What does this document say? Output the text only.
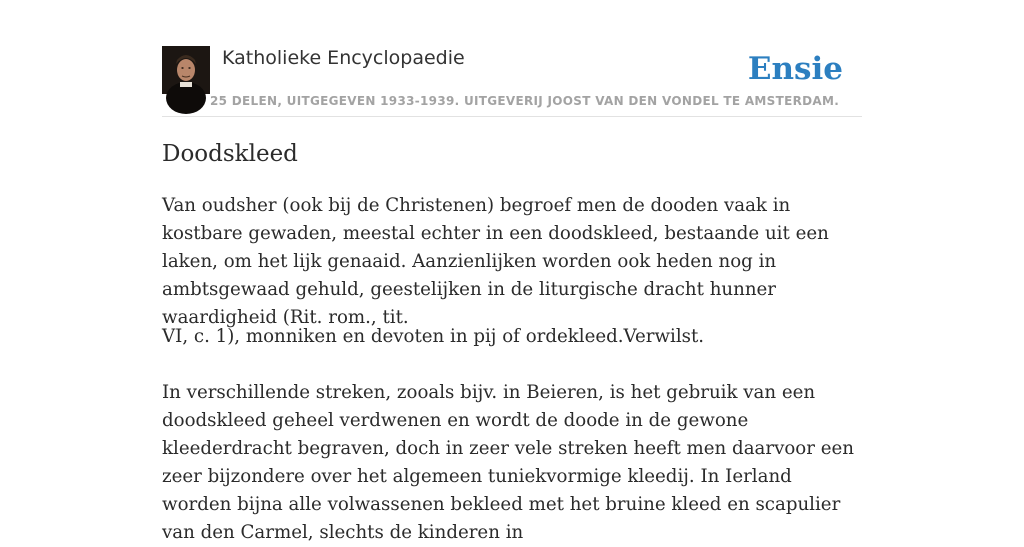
Katholieke Encyclopaedie
25 DELEN, UITGEGEVEN 1933-1939. UITGEVERIJ JOOST VAN DEN VONDEL TE AMSTERDAM.
Ensie
Doodskleed

Van oudsher (ook bij de Christenen) begroef men de dooden vaak in kostbare gewaden, meestal echter in een doodskleed, bestaande uit een laken, om het lijk genaaid. Aanzienlijken worden ook heden nog in ambtsgewaad gehuld, geestelijken in de liturgische dracht hunner waardigheid (Rit. rom., tit.

VI, c. 1), monniken en devoten in pij of ordekleed.Verwilst.

In verschillende streken, zooals bijv. in Beieren, is het gebruik van een doodskleed geheel verdwenen en wordt de doode in de gewone kleederdracht begraven, doch in zeer vele streken heeft men daarvoor een zeer bijzondere over het algemeen tuniekvormige kleedij. In Ierland worden bijna alle volwassenen bekleed met het bruine kleed en scapulier van den Carmel, slechts de kinderen in
